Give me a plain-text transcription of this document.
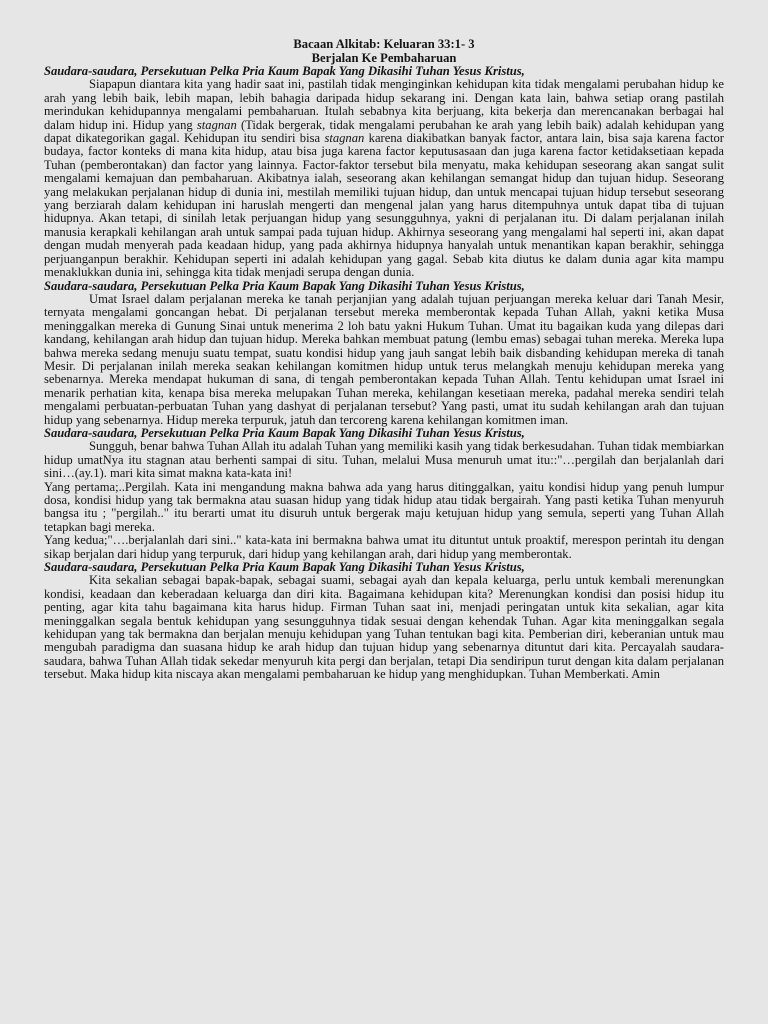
Bacaan Alkitab: Keluaran 33:1- 3

Berjalan Ke Pembaharuan

Saudara-saudara, Persekutuan Pelka Pria Kaum Bapak Yang Dikasihi Tuhan Yesus Kristus,

Siapapun diantara kita yang hadir saat ini, pastilah tidak menginginkan kehidupan kita tidak mengalami perubahan hidup ke arah yang lebih baik, lebih mapan, lebih bahagia daripada hidup sekarang ini. Dengan kata lain, bahwa setiap orang pastilah merindukan kehidupannya mengalami pembaharuan. Itulah sebabnya kita berjuang, kita bekerja dan merencanakan berbagai hal dalam hidup ini. Hidup yang stagnan (Tidak bergerak, tidak mengalami perubahan ke arah yang lebih baik) adalah kehidupan yang dapat dikategorikan gagal. Kehidupan itu sendiri bisa stagnan karena diakibatkan banyak factor, antara lain, bisa saja karena factor budaya, factor konteks di mana kita hidup, atau bisa juga karena factor keputusasaan dan juga karena factor ketidaksetiaan kepada Tuhan (pemberontakan) dan factor yang lainnya. Factor-faktor tersebut bila menyatu, maka kehidupan seseorang akan sangat sulit mengalami kemajuan dan pembaharuan. Akibatnya ialah, seseorang akan kehilangan semangat hidup dan tujuan hidup. Seseorang yang melakukan perjalanan hidup di dunia ini, mestilah memiliki tujuan hidup, dan untuk mencapai tujuan hidup tersebut seseorang yang berziarah dalam kehidupan ini haruslah mengerti dan mengenal jalan yang harus ditempuhnya untuk dapat tiba di tujuan hidupnya. Akan tetapi, di sinilah letak perjuangan hidup yang sesungguhnya, yakni di perjalanan itu. Di dalam perjalanan inilah manusia kerapkali kehilangan arah untuk sampai pada tujuan hidup. Akhirnya seseorang yang mengalami hal seperti ini, akan dapat dengan mudah menyerah pada keadaan hidup, yang pada akhirnya hidupnya hanyalah untuk menantikan kapan berakhir, sehingga perjuanganpun berakhir. Kehidupan seperti ini adalah kehidupan yang gagal. Sebab kita diutus ke dalam dunia agar kita mampu menaklukkan dunia ini, sehingga kita tidak menjadi serupa dengan dunia.

Saudara-saudara, Persekutuan Pelka Pria Kaum Bapak Yang Dikasihi Tuhan Yesus Kristus,

Umat Israel dalam perjalanan mereka ke tanah perjanjian yang adalah tujuan perjuangan mereka keluar dari Tanah Mesir, ternyata mengalami goncangan hebat. Di perjalanan tersebut mereka memberontak kepada Tuhan Allah, yakni ketika Musa meninggalkan mereka di Gunung Sinai untuk menerima 2 loh batu yakni Hukum Tuhan. Umat itu bagaikan kuda yang dilepas dari kandang, kehilangan arah hidup dan tujuan hidup. Mereka bahkan membuat patung (lembu emas) sebagai tuhan mereka. Mereka lupa bahwa mereka sedang menuju suatu tempat, suatu kondisi hidup yang jauh sangat lebih baik disbanding kehidupan mereka di tanah Mesir. Di perjalanan inilah mereka seakan kehilangan komitmen hidup untuk terus melangkah menuju kehidupan mereka yang sebenarnya. Mereka mendapat hukuman di sana, di tengah pemberontakan kepada Tuhan Allah. Tentu kehidupan umat Israel ini menarik perhatian kita, kenapa bisa mereka melupakan Tuhan mereka, kehilangan kesetiaan mereka, padahal mereka sendiri telah mengalami perbuatan-perbuatan Tuhan yang dashyat di perjalanan tersebut? Yang pasti, umat itu sudah kehilangan arah dan tujuan hidup yang sebenarnya. Hidup mereka terpuruk, jatuh dan tercoreng karena kehilangan komitmen iman.

Saudara-saudara, Persekutuan Pelka Pria Kaum Bapak Yang Dikasihi Tuhan Yesus Kristus,

Sungguh, benar bahwa Tuhan Allah itu adalah Tuhan yang memiliki kasih yang tidak berkesudahan. Tuhan tidak membiarkan hidup umatNya itu stagnan atau berhenti sampai di situ. Tuhan, melalui Musa menuruh umat itu::"…pergilah dan berjalanlah dari sini…(ay.1). mari kita simat makna kata-kata ini!

Yang pertama;..Pergilah. Kata ini mengandung makna bahwa ada yang harus ditinggalkan, yaitu kondisi hidup yang penuh lumpur dosa, kondisi hidup yang tak bermakna atau suasan hidup yang tidak hidup atau tidak bergairah. Yang pasti ketika Tuhan menyuruh bangsa itu ; "pergilah.." itu berarti umat itu disuruh untuk bergerak maju ketujuan hidup yang semula, seperti yang Tuhan Allah tetapkan bagi mereka.

Yang kedua;"….berjalanlah dari sini.." kata-kata ini bermakna bahwa umat itu dituntut untuk proaktif, merespon perintah itu dengan sikap berjalan dari hidup yang terpuruk, dari hidup yang kehilangan arah, dari hidup yang memberontak.

Saudara-saudara, Persekutuan Pelka Pria Kaum Bapak Yang Dikasihi Tuhan Yesus Kristus,

Kita sekalian sebagai bapak-bapak, sebagai suami, sebagai ayah dan kepala keluarga, perlu untuk kembali merenungkan kondisi, keadaan dan keberadaan keluarga dan diri kita. Bagaimana kehidupan kita? Merenungkan kondisi dan posisi hidup itu penting, agar kita tahu bagaimana kita harus hidup. Firman Tuhan saat ini, menjadi peringatan untuk kita sekalian, agar kita meninggalkan segala bentuk kehidupan yang sesungguhnya tidak sesuai dengan kehendak Tuhan. Agar kita meninggalkan segala kehidupan yang tak bermakna dan berjalan menuju kehidupan yang Tuhan tentukan bagi kita. Pemberian diri, keberanian untuk mau mengubah paradigma dan suasana hidup ke arah hidup dan tujuan hidup yang sebenarnya dituntut dari kita. Percayalah saudara-saudara, bahwa Tuhan Allah tidak sekedar menyuruh kita pergi dan berjalan, tetapi Dia sendiripun turut dengan kita dalam perjalanan tersebut. Maka hidup kita niscaya akan mengalami pembaharuan ke hidup yang menghidupkan. Tuhan Memberkati. Amin
